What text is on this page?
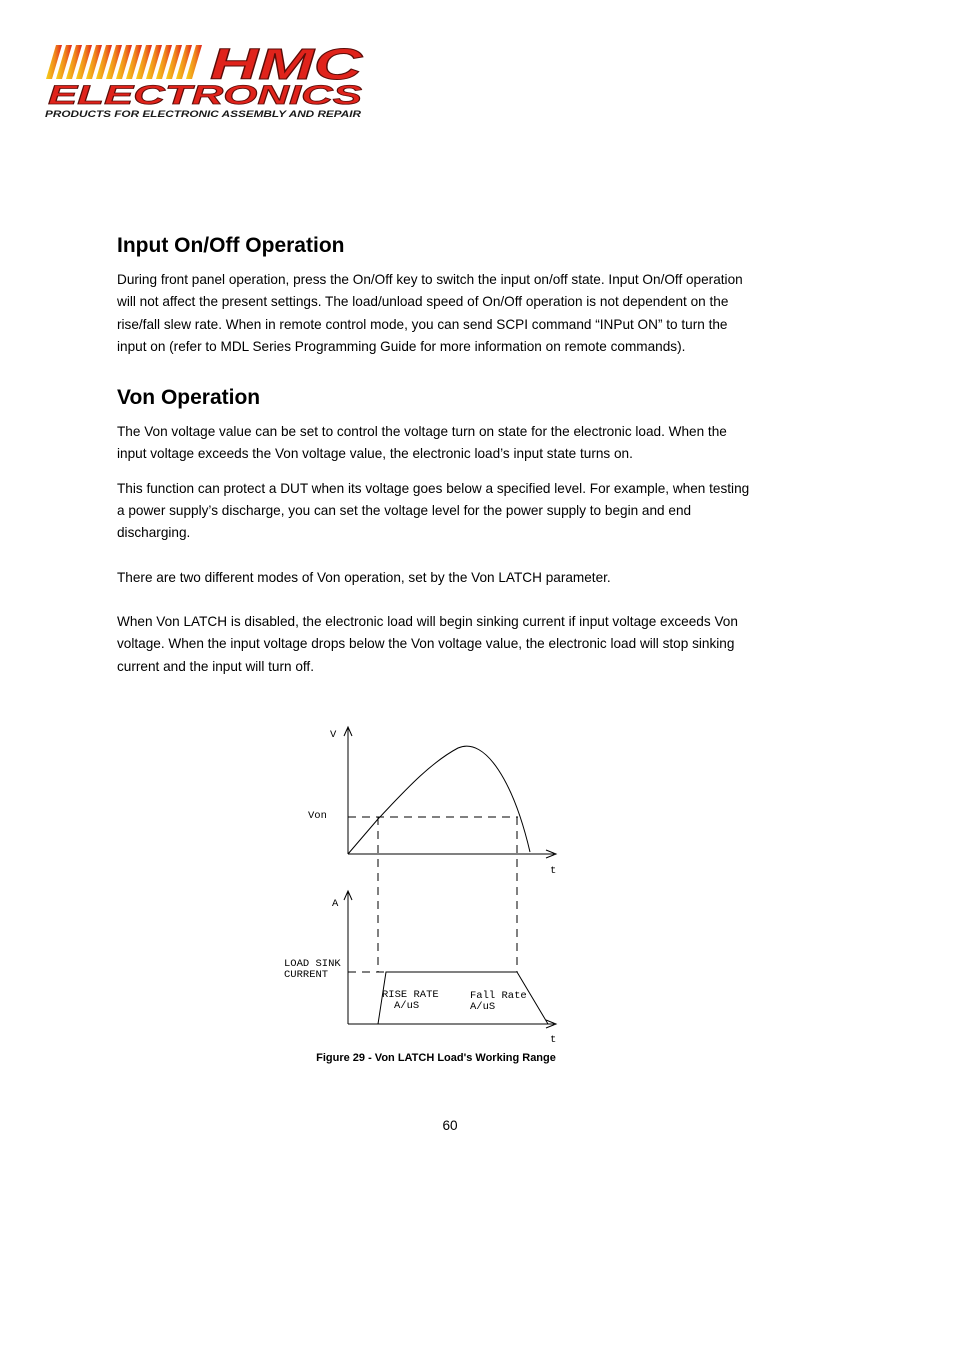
HMC
ELECTRONICS
PRODUCTS FOR ELECTRONIC ASSEMBLY AND REPAIR
Input On/Off Operation

During front panel operation, press the On/Off key to switch the input on/off state. Input On/Off operation will not affect the present settings. The load/unload speed of On/Off operation is not dependent on the rise/fall slew rate. When in remote control mode, you can send SCPI command “INPut ON” to turn the input on (refer to MDL Series Programming Guide for more information on remote commands).

Von Operation

The Von voltage value can be set to control the voltage turn on state for the electronic load. When the input voltage exceeds the Von voltage value, the electronic load’s input state turns on.

This function can protect a DUT when its voltage goes below a specified level. For example, when testing a power supply’s discharge, you can set the voltage level for the power supply to begin and end discharging.

There are two different modes of Von operation, set by the Von LATCH parameter.

When Von LATCH is disabled, the electronic load will begin sinking current if input voltage exceeds Von voltage. When the input voltage drops below the Von voltage value, the electronic load will stop sinking current and the input will turn off.

V
Von
t
A
LOAD SINK
CURRENT
RISE RATE
A/uS
Fall Rate
A/uS
t
Figure 29 - Von LATCH Load's Working Range
60
